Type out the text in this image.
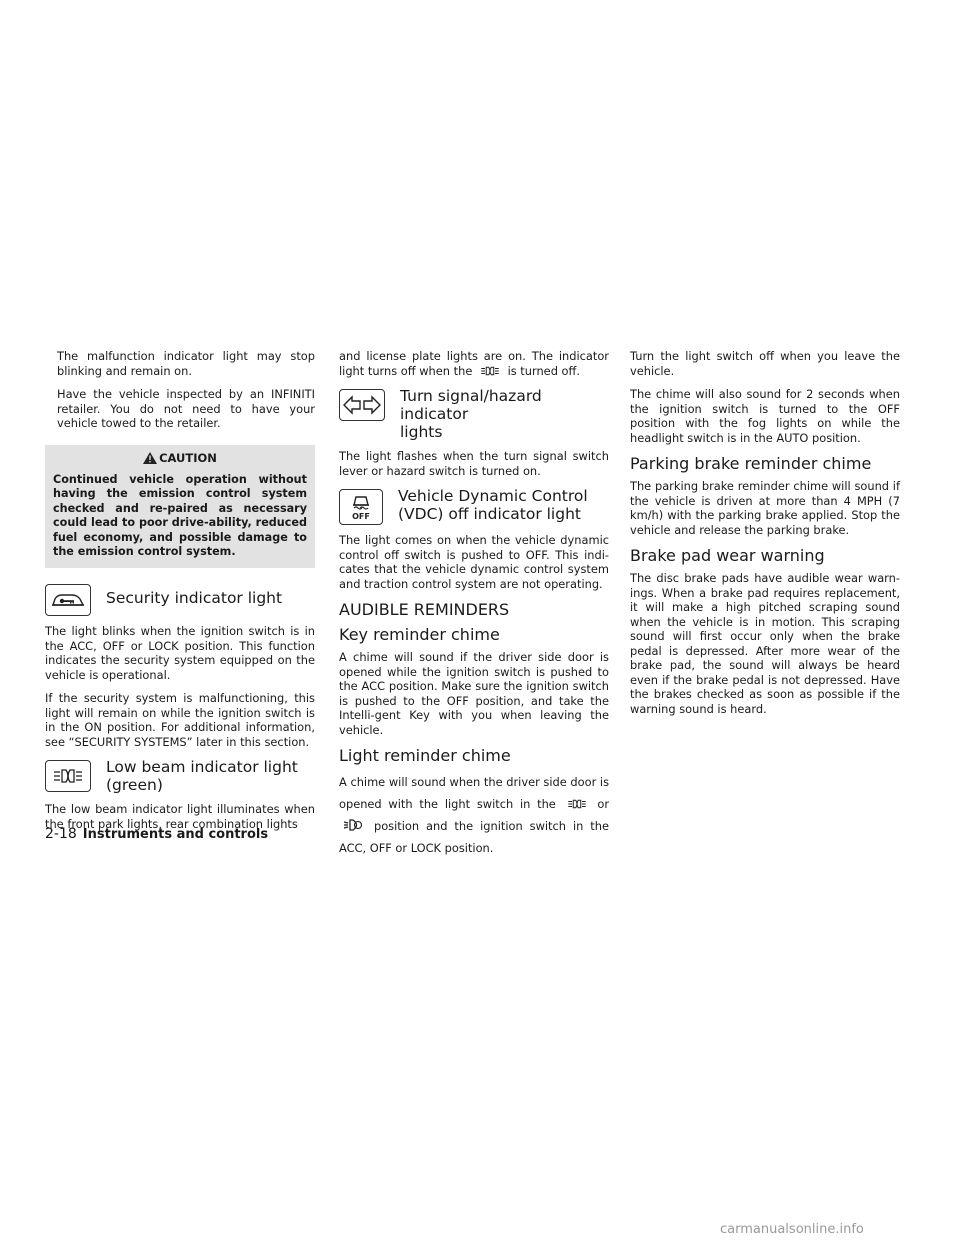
The malfunction indicator light may stop blinking and remain on.

Have the vehicle inspected by an INFINITI retailer. You do not need to have your vehicle towed to the retailer.

CAUTION
Continued vehicle operation without having the emission control system checked and re-paired as necessary could lead to poor drive-ability, reduced fuel economy, and possible damage to the emission control system.
Security indicator light

The light blinks when the ignition switch is in the ACC, OFF or LOCK position. This function indicates the security system equipped on the vehicle is operational.

If the security system is malfunctioning, this light will remain on while the ignition switch is in the ON position. For additional information, see “SECURITY SYSTEMS” later in this section.

Low beam indicator light
(green)

The low beam indicator light illuminates when the front park lights, rear combination lights

and license plate lights are on. The indicator light turns off when the	is turned off.

Turn signal/hazard indicator
lights

The light flashes when the turn signal switch lever or hazard switch is turned on.

OFF
Vehicle Dynamic Control
(VDC) off indicator light

The light comes on when the vehicle dynamic control off switch is pushed to OFF. This indi-cates that the vehicle dynamic control system and traction control system are not operating.

AUDIBLE REMINDERS
Key reminder chime

A chime will sound if the driver side door is opened while the ignition switch is pushed to the ACC position. Make sure the ignition switch is pushed to the OFF position, and take the Intelli-gent Key with you when leaving the vehicle.

Light reminder chime

A chime will sound when the driver side door is opened with the light switch in the	or  position and the ignition switch in the ACC, OFF or LOCK position.

Turn the light switch off when you leave the vehicle.

The chime will also sound for 2 seconds when the ignition switch is turned to the OFF position with the fog lights on while the headlight switch is in the AUTO position.

Parking brake reminder chime

The parking brake reminder chime will sound if the vehicle is driven at more than 4 MPH (7 km/h) with the parking brake applied. Stop the vehicle and release the parking brake.

Brake pad wear warning

The disc brake pads have audible wear warn-ings. When a brake pad requires replacement, it will make a high pitched scraping sound when the vehicle is in motion. This scraping sound will first occur only when the brake pedal is depressed. After more wear of the brake pad, the sound will always be heard even if the brake pedal is not depressed. Have the brakes checked as soon as possible if the warning sound is heard.

2-18 Instruments and controls
carmanualsonline.info
